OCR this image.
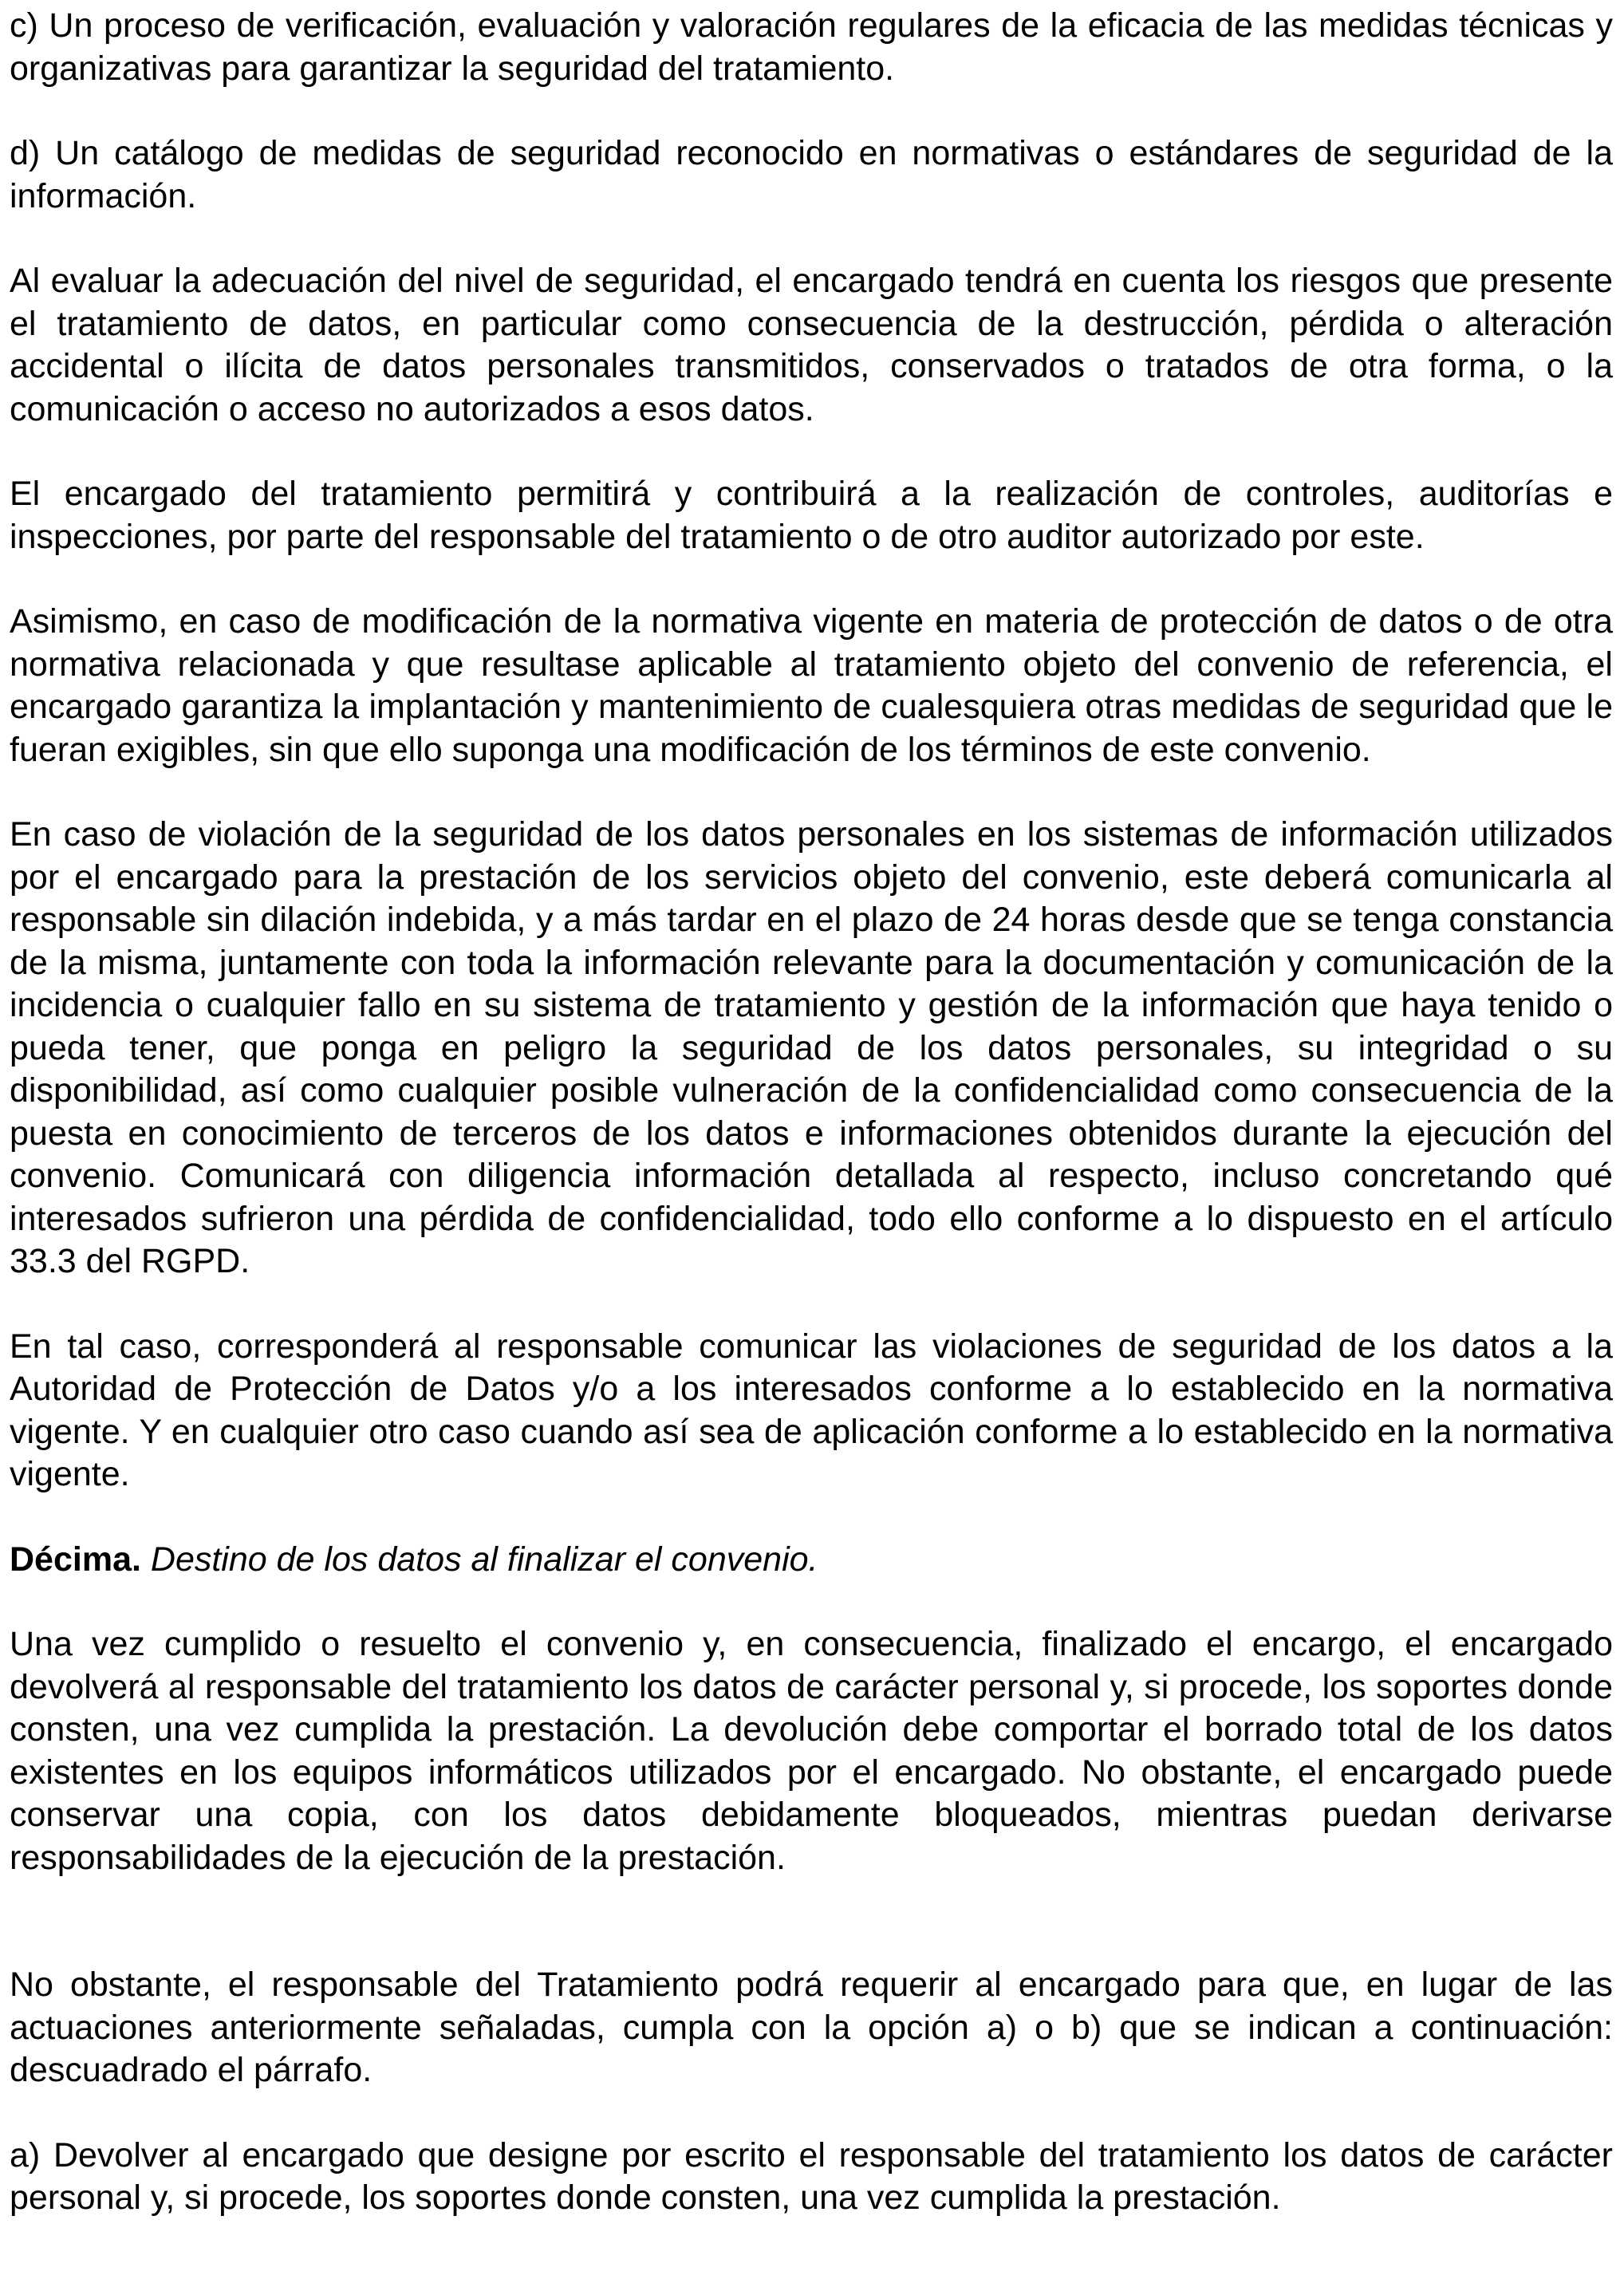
c) Un proceso de verificación, evaluación y valoración regulares de la eficacia de las medidas técnicas y organizativas para garantizar la seguridad del tratamiento.

d) Un catálogo de medidas de seguridad reconocido en normativas o estándares de seguridad de la información.

Al evaluar la adecuación del nivel de seguridad, el encargado tendrá en cuenta los riesgos que presente el tratamiento de datos, en particular como consecuencia de la destrucción, pérdida o alteración accidental o ilícita de datos personales transmitidos, conservados o tratados de otra forma, o la comunicación o acceso no autorizados a esos datos.

El encargado del tratamiento permitirá y contribuirá a la realización de controles, auditorías e inspecciones, por parte del responsable del tratamiento o de otro auditor autorizado por este.

Asimismo, en caso de modificación de la normativa vigente en materia de protección de datos o de otra normativa relacionada y que resultase aplicable al tratamiento objeto del convenio de referencia, el encargado garantiza la implantación y mantenimiento de cualesquiera otras medidas de seguridad que le fueran exigibles, sin que ello suponga una modificación de los términos de este convenio.

En caso de violación de la seguridad de los datos personales en los sistemas de información utilizados por el encargado para la prestación de los servicios objeto del convenio, este deberá comunicarla al responsable sin dilación indebida, y a más tardar en el plazo de 24 horas desde que se tenga constancia de la misma, juntamente con toda la información relevante para la documentación y comunicación de la incidencia o cualquier fallo en su sistema de tratamiento y gestión de la información que haya tenido o pueda tener, que ponga en peligro la seguridad de los datos personales, su integridad o su disponibilidad, así como cualquier posible vulneración de la confidencialidad como consecuencia de la puesta en conocimiento de terceros de los datos e informaciones obtenidos durante la ejecución del convenio. Comunicará con diligencia información detallada al respecto, incluso concretando qué interesados sufrieron una pérdida de confidencialidad, todo ello conforme a lo dispuesto en el artículo 33.3 del RGPD.

En tal caso, corresponderá al responsable comunicar las violaciones de seguridad de los datos a la Autoridad de Protección de Datos y/o a los interesados conforme a lo establecido en la normativa vigente. Y en cualquier otro caso cuando así sea de aplicación conforme a lo establecido en la normativa vigente.

Décima. Destino de los datos al finalizar el convenio.

Una vez cumplido o resuelto el convenio y, en consecuencia, finalizado el encargo, el encargado devolverá al responsable del tratamiento los datos de carácter personal y, si procede, los soportes donde consten, una vez cumplida la prestación. La devolución debe comportar el borrado total de los datos existentes en los equipos informáticos utilizados por el encargado. No obstante, el encargado puede conservar una copia, con los datos debidamente bloqueados, mientras puedan derivarse responsabilidades de la ejecución de la prestación.

No obstante, el responsable del Tratamiento podrá requerir al encargado para que, en lugar de las actuaciones anteriormente señaladas, cumpla con la opción a) o b) que se indican a continuación: descuadrado el párrafo.

a) Devolver al encargado que designe por escrito el responsable del tratamiento los datos de carácter personal y, si procede, los soportes donde consten, una vez cumplida la prestación.
